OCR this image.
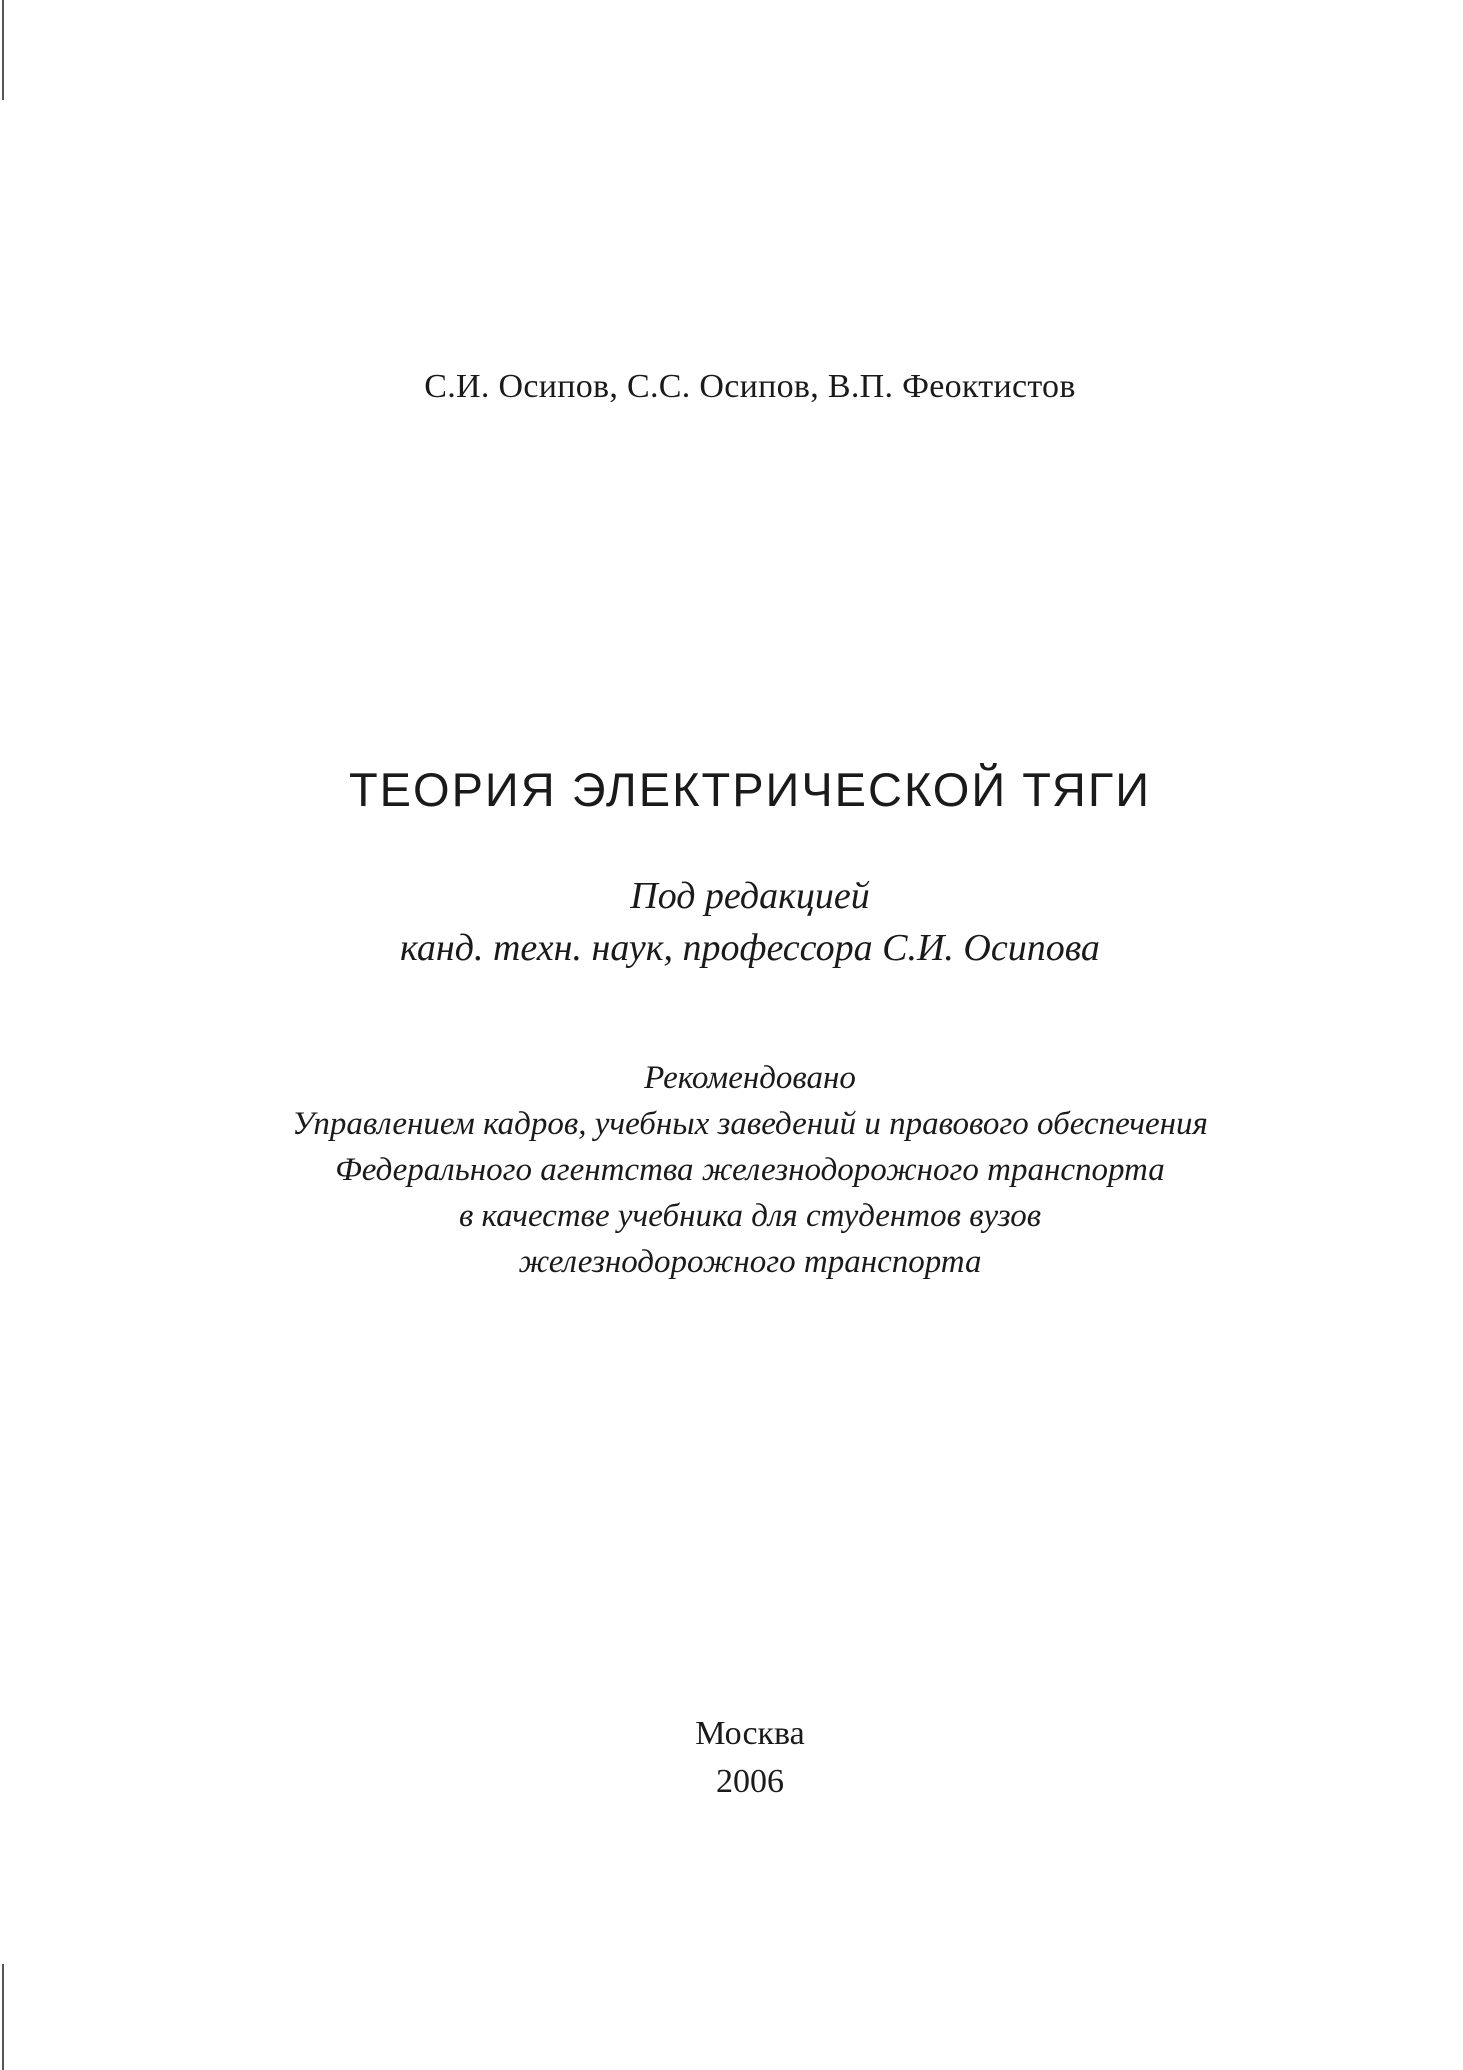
С.И. Осипов, С.С. Осипов, В.П. Феоктистов
ТЕОРИЯ ЭЛЕКТРИЧЕСКОЙ ТЯГИ
Под редакцией
канд. техн. наук, профессора С.И. Осипова
Рекомендовано
Управлением кадров, учебных заведений и правового обеспечения
Федерального агентства железнодорожного транспорта
в качестве учебника для студентов вузов
железнодорожного транспорта
Москва
2006
